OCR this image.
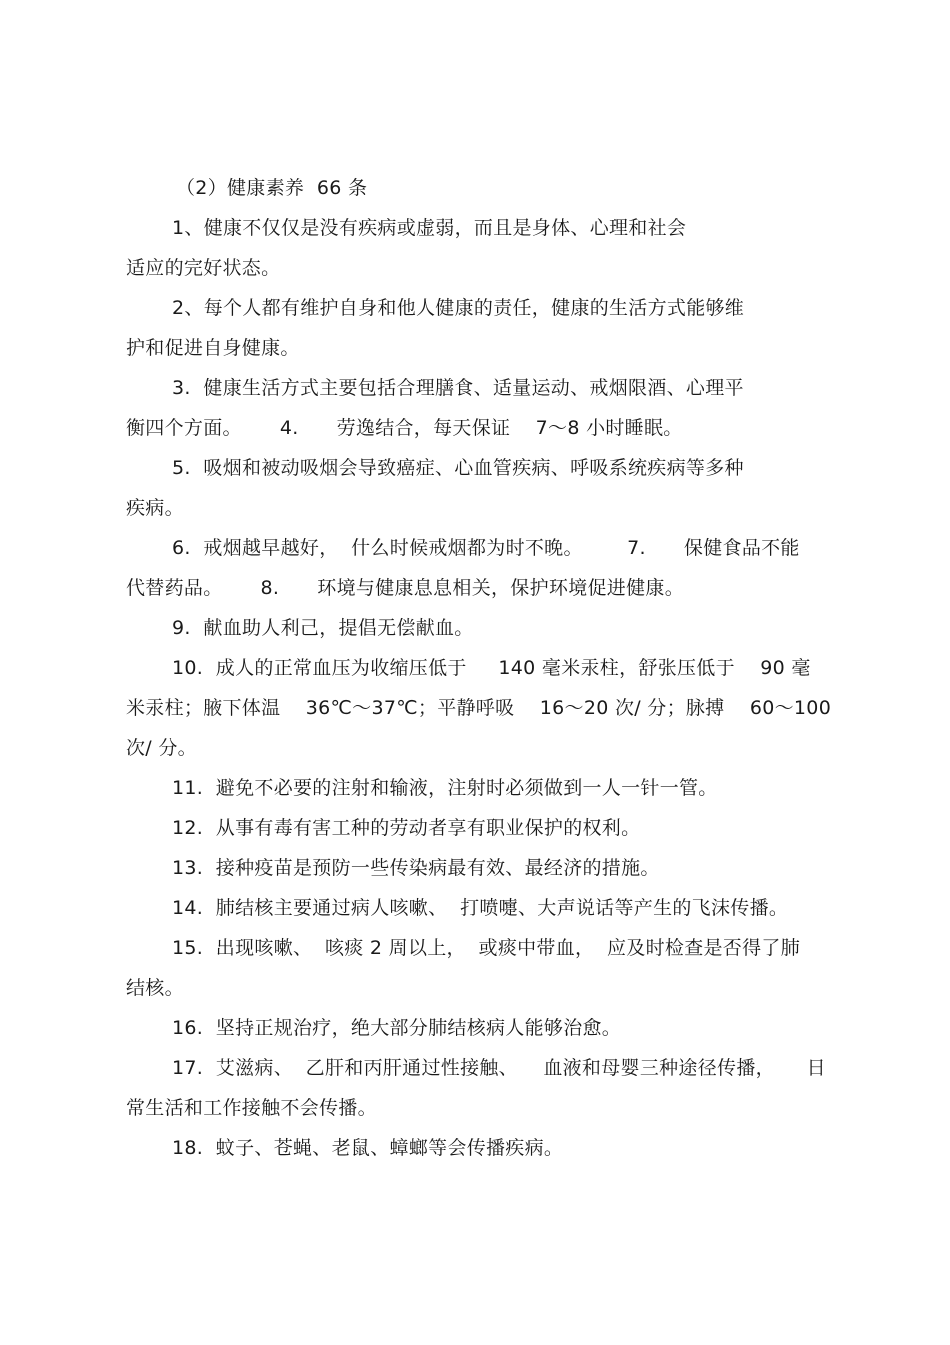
（2）健康素养  66 条
1、健康不仅仅是没有疾病或虚弱，而且是身体、心理和社会
适应的完好状态。
2、每个人都有维护自身和他人健康的责任，健康的生活方式能够维
护和促进自身健康。
3.  健康生活方式主要包括合理膳食、适量运动、戒烟限酒、心理平
衡四个方面。      4.      劳逸结合，每天保证    7～8 小时睡眠。
5.  吸烟和被动吸烟会导致癌症、心血管疾病、呼吸系统疾病等多种
疾病。
6.  戒烟越早越好，  什么时候戒烟都为时不晚。       7.      保健食品不能
代替药品。      8.      环境与健康息息相关，保护环境促进健康。
9.  献血助人利己，提倡无偿献血。
10.  成人的正常血压为收缩压低于     140 毫米汞柱，舒张压低于    90 毫
米汞柱；腋下体温    36℃～37℃；平静呼吸    16～20 次/ 分；脉搏    60～100
次/ 分。
11.  避免不必要的注射和输液，注射时必须做到一人一针一管。
12.  从事有毒有害工种的劳动者享有职业保护的权利。
13.  接种疫苗是预防一些传染病最有效、最经济的措施。
14.  肺结核主要通过病人咳嗽、  打喷嚏、大声说话等产生的飞沫传播。
15.  出现咳嗽、  咳痰 2 周以上，  或痰中带血，  应及时检查是否得了肺
结核。
16.  坚持正规治疗，绝大部分肺结核病人能够治愈。
17.  艾滋病、  乙肝和丙肝通过性接触、    血液和母婴三种途径传播，     日
常生活和工作接触不会传播。
18.  蚊子、苍蝇、老鼠、蟑螂等会传播疾病。
